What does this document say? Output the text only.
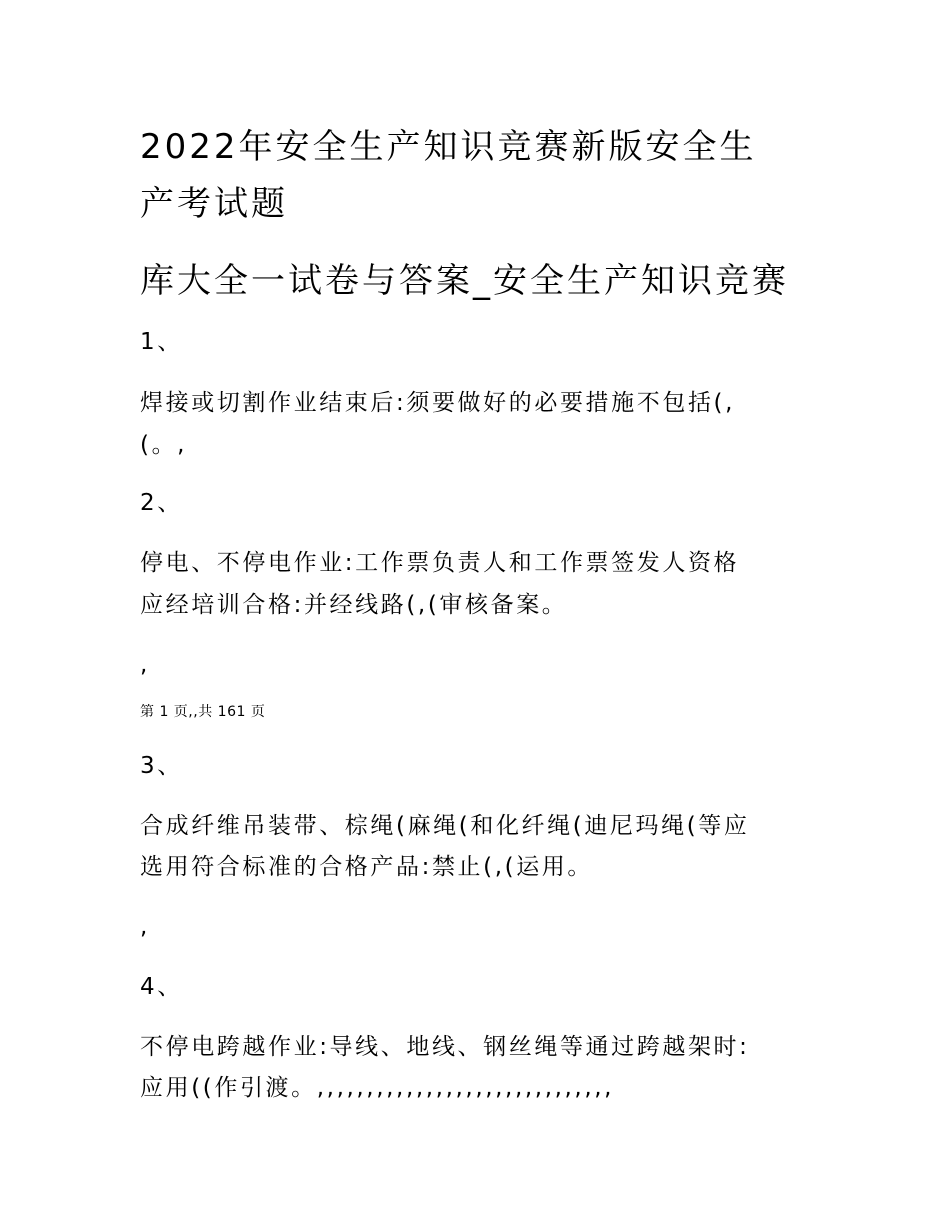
2022年安全生产知识竞赛新版安全生
产考试题
库大全一试卷与答案_安全生产知识竞赛

1、

焊接或切割作业结束后:须要做好的必要措施不包括(,

(。,

2、

停电、不停电作业:工作票负责人和工作票签发人资格

应经培训合格:并经线路(,(审核备案。

,

第 1 页,,共 161 页

3、

合成纤维吊装带、棕绳(麻绳(和化纤绳(迪尼玛绳(等应

选用符合标准的合格产品:禁止(,(运用。

,

4、

不停电跨越作业:导线、地线、钢丝绳等通过跨越架时:

应用((作引渡。,,,,,,,,,,,,,,,,,,,,,,,,,,,,,,
